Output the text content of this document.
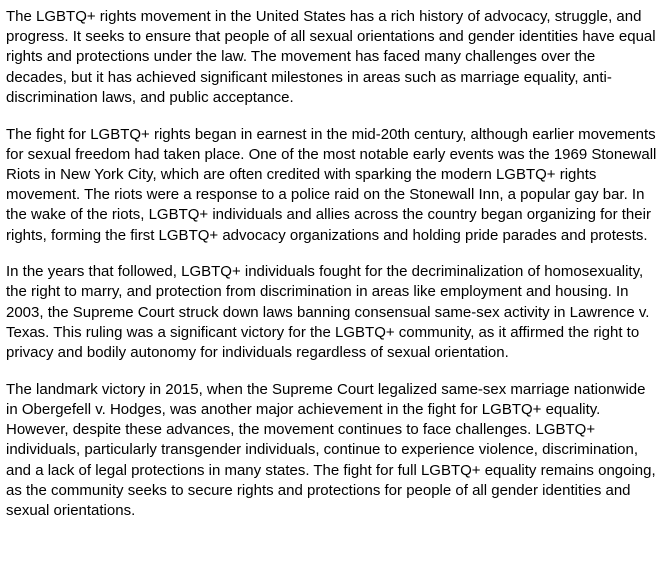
The LGBTQ+ rights movement in the United States has a rich history of advocacy, struggle, and progress. It seeks to ensure that people of all sexual orientations and gender identities have equal rights and protections under the law. The movement has faced many challenges over the decades, but it has achieved significant milestones in areas such as marriage equality, anti-discrimination laws, and public acceptance.

The fight for LGBTQ+ rights began in earnest in the mid-20th century, although earlier movements for sexual freedom had taken place. One of the most notable early events was the 1969 Stonewall Riots in New York City, which are often credited with sparking the modern LGBTQ+ rights movement. The riots were a response to a police raid on the Stonewall Inn, a popular gay bar. In the wake of the riots, LGBTQ+ individuals and allies across the country began organizing for their rights, forming the first LGBTQ+ advocacy organizations and holding pride parades and protests.

In the years that followed, LGBTQ+ individuals fought for the decriminalization of homosexuality, the right to marry, and protection from discrimination in areas like employment and housing. In 2003, the Supreme Court struck down laws banning consensual same-sex activity in Lawrence v. Texas. This ruling was a significant victory for the LGBTQ+ community, as it affirmed the right to privacy and bodily autonomy for individuals regardless of sexual orientation.

The landmark victory in 2015, when the Supreme Court legalized same-sex marriage nationwide in Obergefell v. Hodges, was another major achievement in the fight for LGBTQ+ equality. However, despite these advances, the movement continues to face challenges. LGBTQ+ individuals, particularly transgender individuals, continue to experience violence, discrimination, and a lack of legal protections in many states. The fight for full LGBTQ+ equality remains ongoing, as the community seeks to secure rights and protections for people of all gender identities and sexual orientations.
